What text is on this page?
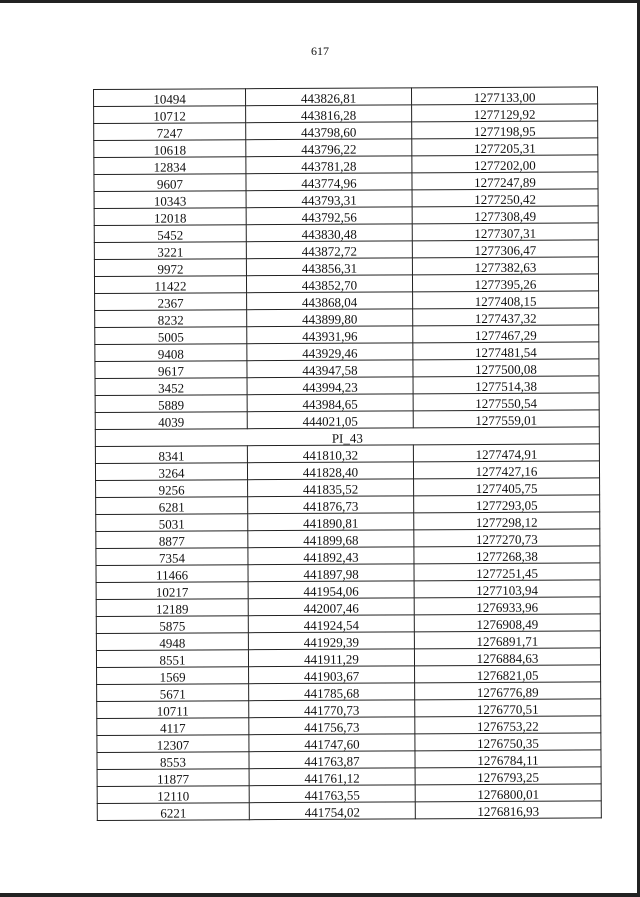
617
10494	443826,81	1277133,00
10712	443816,28	1277129,92
7247	443798,60	1277198,95
10618	443796,22	1277205,31
12834	443781,28	1277202,00
9607	443774,96	1277247,89
10343	443793,31	1277250,42
12018	443792,56	1277308,49
5452	443830,48	1277307,31
3221	443872,72	1277306,47
9972	443856,31	1277382,63
11422	443852,70	1277395,26
2367	443868,04	1277408,15
8232	443899,80	1277437,32
5005	443931,96	1277467,29
9408	443929,46	1277481,54
9617	443947,58	1277500,08
3452	443994,23	1277514,38
5889	443984,65	1277550,54
4039	444021,05	1277559,01
PI_43		
8341	441810,32	1277474,91
3264	441828,40	1277427,16
9256	441835,52	1277405,75
6281	441876,73	1277293,05
5031	441890,81	1277298,12
8877	441899,68	1277270,73
7354	441892,43	1277268,38
11466	441897,98	1277251,45
10217	441954,06	1277103,94
12189	442007,46	1276933,96
5875	441924,54	1276908,49
4948	441929,39	1276891,71
8551	441911,29	1276884,63
1569	441903,67	1276821,05
5671	441785,68	1276776,89
10711	441770,73	1276770,51
4117	441756,73	1276753,22
12307	441747,60	1276750,35
8553	441763,87	1276784,11
11877	441761,12	1276793,25
12110	441763,55	1276800,01
6221	441754,02	1276816,93
